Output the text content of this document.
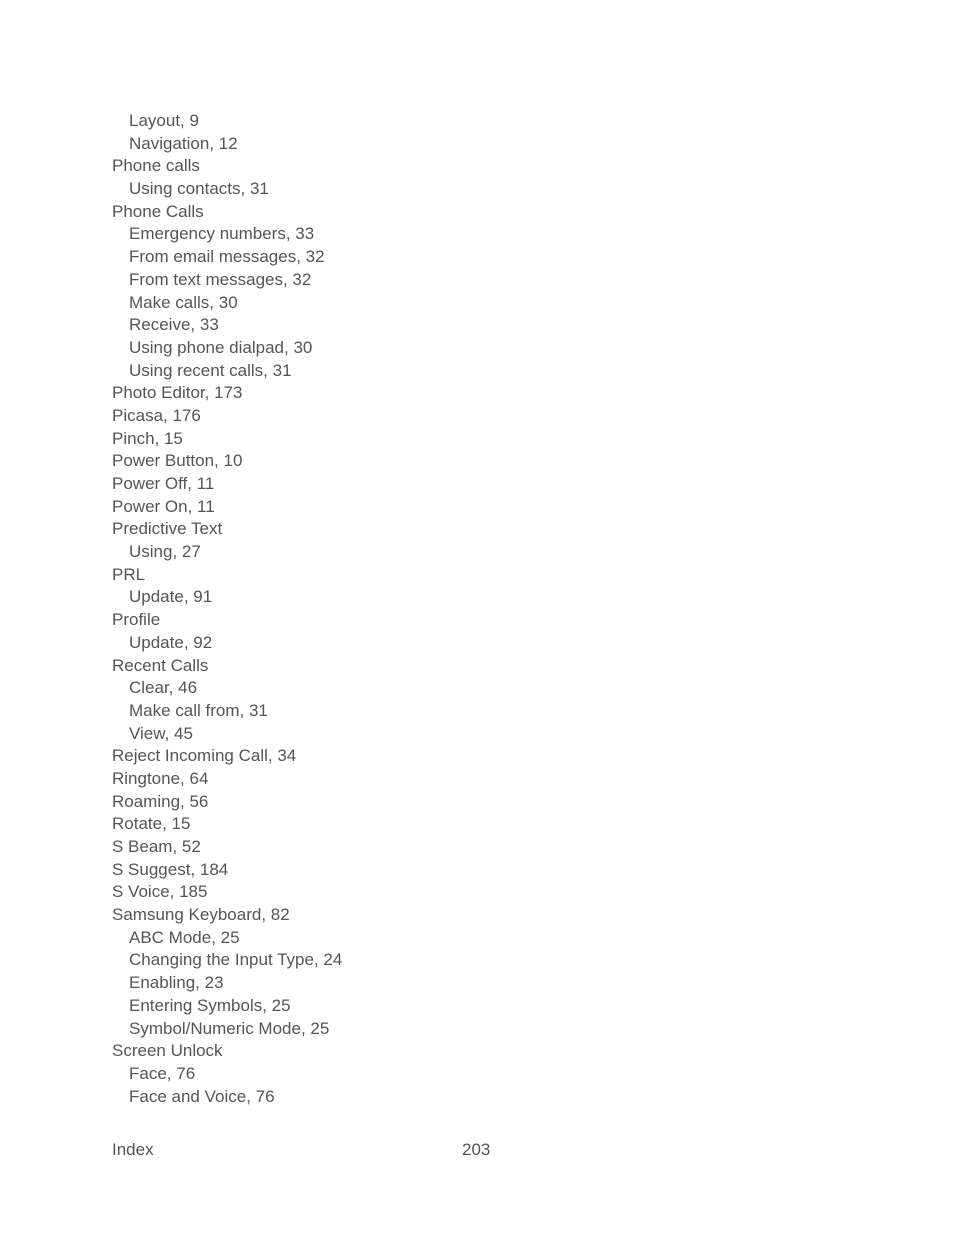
Layout, 9
Navigation, 12
Phone calls
Using contacts, 31
Phone Calls
Emergency numbers, 33
From email messages, 32
From text messages, 32
Make calls, 30
Receive, 33
Using phone dialpad, 30
Using recent calls, 31
Photo Editor, 173
Picasa, 176
Pinch, 15
Power Button, 10
Power Off, 11
Power On, 11
Predictive Text
Using, 27
PRL
Update, 91
Profile
Update, 92
Recent Calls
Clear, 46
Make call from, 31
View, 45
Reject Incoming Call, 34
Ringtone, 64
Roaming, 56
Rotate, 15
S Beam, 52
S Suggest, 184
S Voice, 185
Samsung Keyboard, 82
ABC Mode, 25
Changing the Input Type, 24
Enabling, 23
Entering Symbols, 25
Symbol/Numeric Mode, 25
Screen Unlock
Face, 76
Face and Voice, 76
Index	203
